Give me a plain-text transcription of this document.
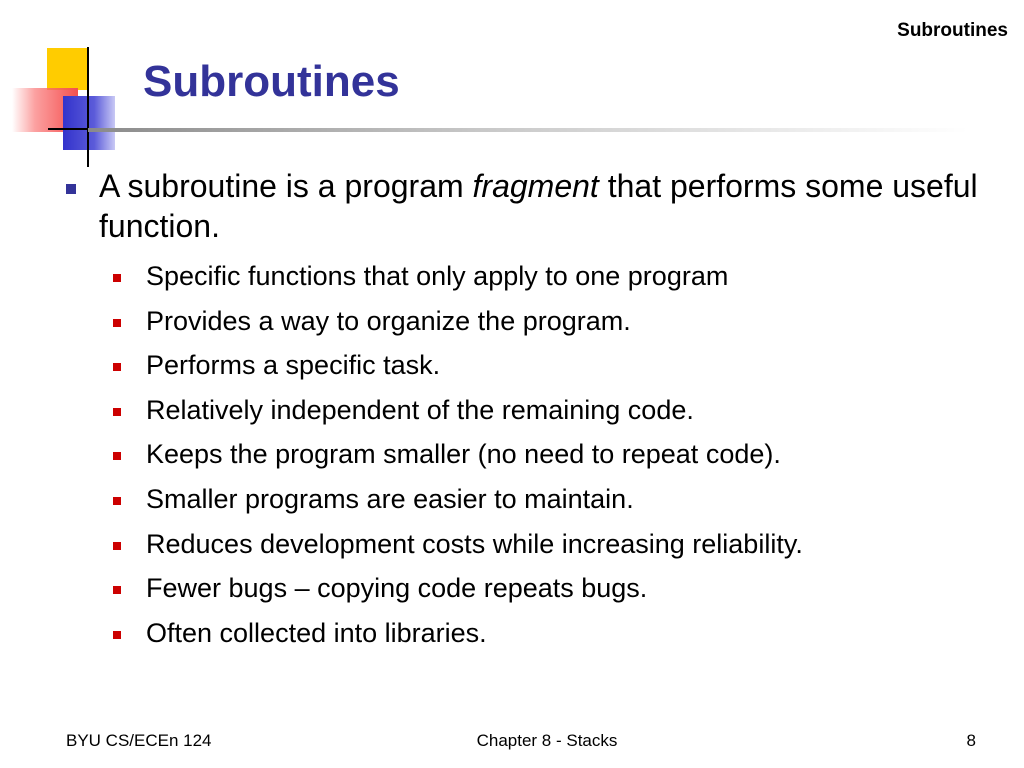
Subroutines
Subroutines
A subroutine is a program fragment that performs some useful function.
Specific functions that only apply to one program
Provides a way to organize the program.
Performs a specific task.
Relatively independent of the remaining code.
Keeps the program smaller (no need to repeat code).
Smaller programs are easier to maintain.
Reduces development costs while increasing reliability.
Fewer bugs – copying code repeats bugs.
Often collected into libraries.
BYU CS/ECEn 124	Chapter 8 - Stacks	8
